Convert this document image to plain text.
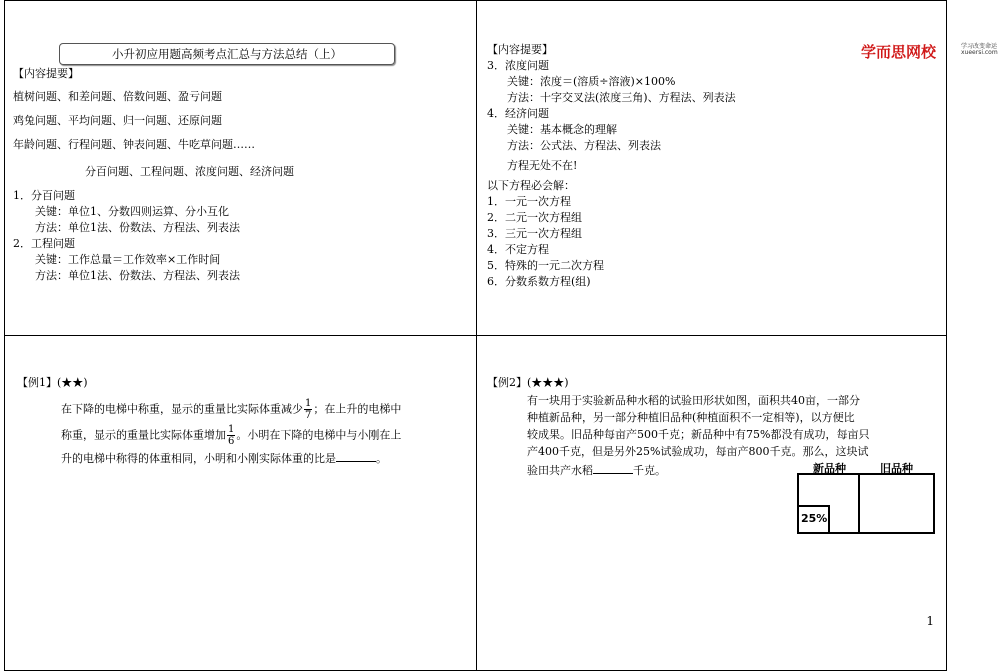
小升初应用题高频考点汇总与方法总结（上）
【内容提要】
植树问题、和差问题、倍数问题、盈亏问题
鸡兔问题、平均问题、归一问题、还原问题
年龄问题、行程问题、钟表问题、牛吃草问题……
分百问题、工程问题、浓度问题、经济问题
1．分百问题
关键：单位1、分数四则运算、分小互化
方法：单位1法、份数法、方程法、列表法
2．工程问题
关键：工作总量＝工作效率×工作时间
方法：单位1法、份数法、方程法、列表法
学而思网校	学习改变命运
xueersi.com
【内容提要】
3．浓度问题
关键：浓度＝(溶质÷溶液)×100%
方法：十字交叉法(浓度三角)、方程法、列表法
4．经济问题
关键：基本概念的理解
方法：公式法、方程法、列表法
方程无处不在!
以下方程必会解：
1．一元一次方程
2．二元一次方程组
3．三元一次方程组
4．不定方程
5．特殊的一元二次方程
6．分数系数方程(组)
【例1】(★★)
在下降的电梯中称重，显示的重量比实际体重减少 $\frac{1}{7}$ ；在上升的电梯中
称重，显示的重量比实际体重增加 $\frac{1}{6}$ 。小明在下降的电梯中与小刚在上
升的电梯中称得的体重相同，小明和小刚实际体重的比是	。
【例2】(★★★)
有一块用于实验新品种水稻的试验田形状如图，面积共40亩，一部分
种植新品种，另一部分种植旧品种(种植面积不一定相等)，以方便比
较成果。旧品种每亩产500千克；新品种中有75%都没有成功，每亩只
产400千克，但是另外25%试验成功，每亩产800千克。那么，这块试
验田共产水稻	千克。	新品种	旧品种
25%
1
